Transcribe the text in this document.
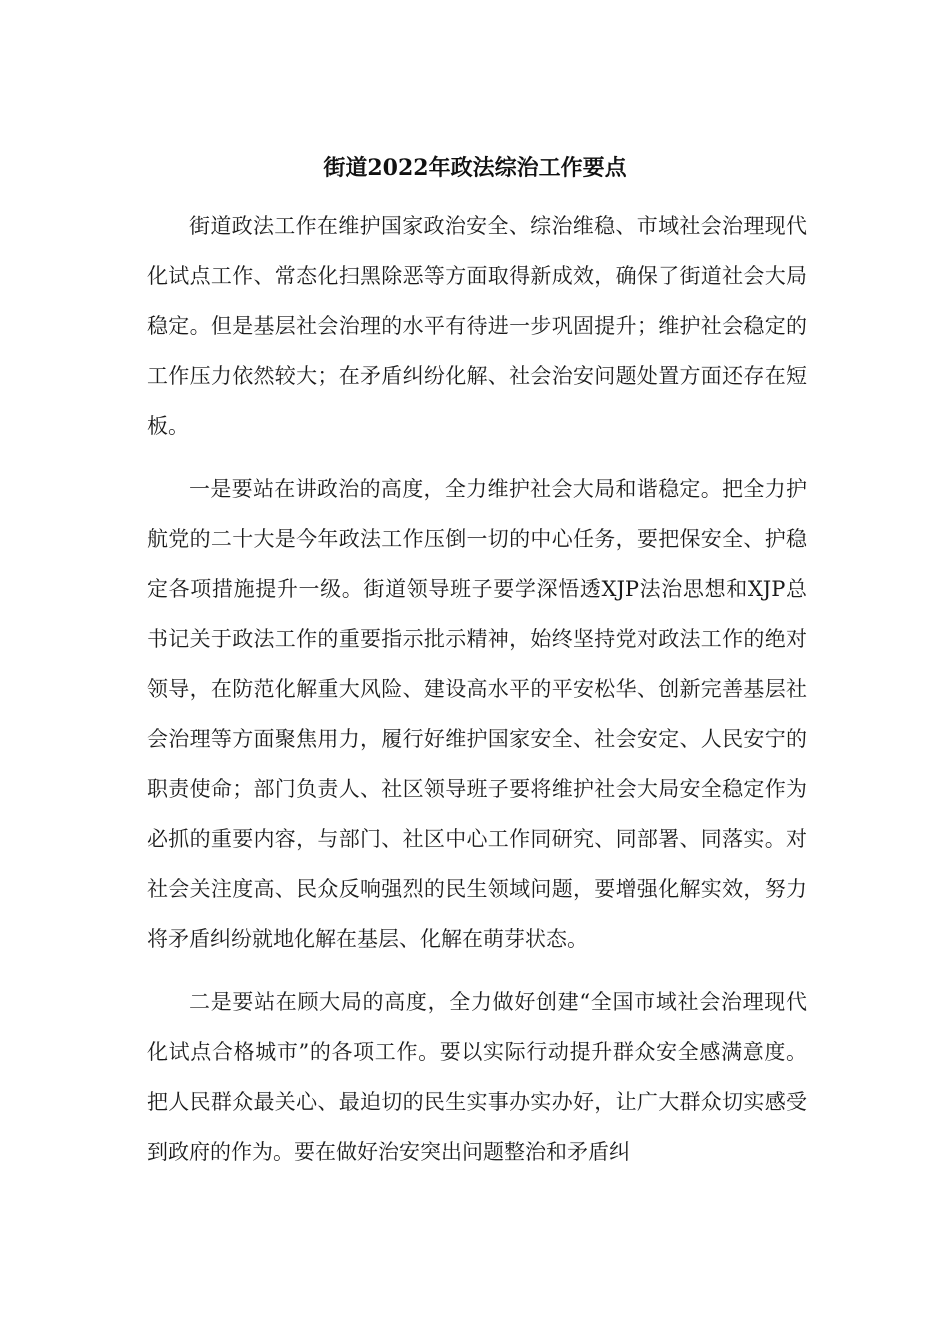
街道2022年政法综治工作要点

街道政法工作在维护国家政治安全、综治维稳、市域社会治理现代化试点工作、常态化扫黑除恶等方面取得新成效，确保了街道社会大局稳定。但是基层社会治理的水平有待进一步巩固提升；维护社会稳定的工作压力依然较大；在矛盾纠纷化解、社会治安问题处置方面还存在短板。

一是要站在讲政治的高度，全力维护社会大局和谐稳定。把全力护航党的二十大是今年政法工作压倒一切的中心任务，要把保安全、护稳定各项措施提升一级。街道领导班子要学深悟透XJP法治思想和XJP总书记关于政法工作的重要指示批示精神，始终坚持党对政法工作的绝对领导，在防范化解重大风险、建设高水平的平安松华、创新完善基层社会治理等方面聚焦用力，履行好维护国家安全、社会安定、人民安宁的职责使命；部门负责人、社区领导班子要将维护社会大局安全稳定作为必抓的重要内容，与部门、社区中心工作同研究、同部署、同落实。对社会关注度高、民众反响强烈的民生领域问题，要增强化解实效，努力将矛盾纠纷就地化解在基层、化解在萌芽状态。

二是要站在顾大局的高度，全力做好创建“全国市域社会治理现代化试点合格城市”的各项工作。要以实际行动提升群众安全感满意度。把人民群众最关心、最迫切的民生实事办实办好，让广大群众切实感受到政府的作为。要在做好治安突出问题整治和矛盾纠
